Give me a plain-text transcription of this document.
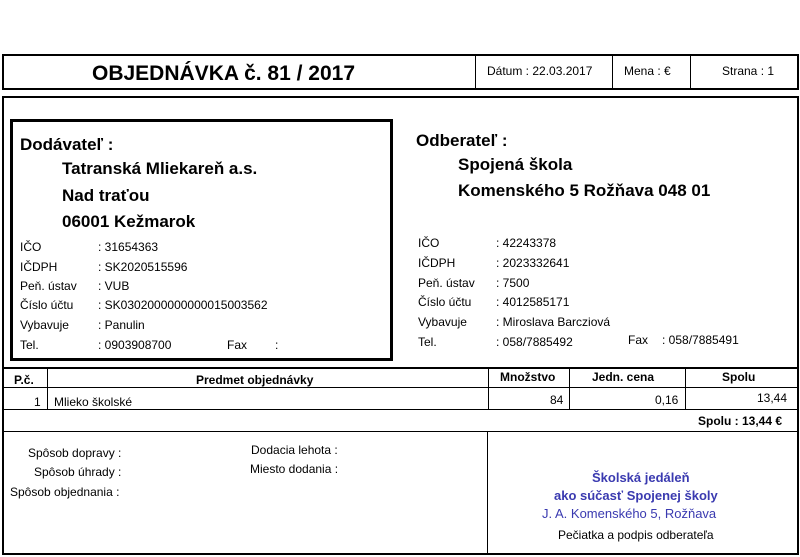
OBJEDNÁVKA č. 81 / 2017	Dátum : 22.03.2017	Mena : €	Strana : 1
Dodávateľ :
Tatranská Mliekareň a.s.
Nad traťou
06001 Kežmarok
IČO	: 31654363
IČDPH	: SK2020515596
Peň. ústav : VUB
Číslo účtu : SK0302000000000015003562
Vybavuje : Panulin
Tel.	: 0903908700	Fax :
Odberateľ :
Spojená škola
Komenského 5 Rožňava 048 01
IČO	: 42243378
IČDPH	: 2023332641
Peň. ústav : 7500
Číslo účtu : 4012585171
Vybavuje : Miroslava Barcziová
Tel.	: 058/7885492	Fax : 058/7885491
P.č.	Predmet objednávky	Množstvo	Jedn. cena	Spolu
1 Mlieko školské	84	0,16	13,44
Spolu : 13,44 €
Spôsob dopravy :
Spôsob úhrady :
Spôsob objednania :
Dodacia lehota :
Miesto dodania :
Školská jedáleň
ako súčasť Spojenej školy
J. A. Komenského 5, Rožňava
Pečiatka a podpis odberateľa
